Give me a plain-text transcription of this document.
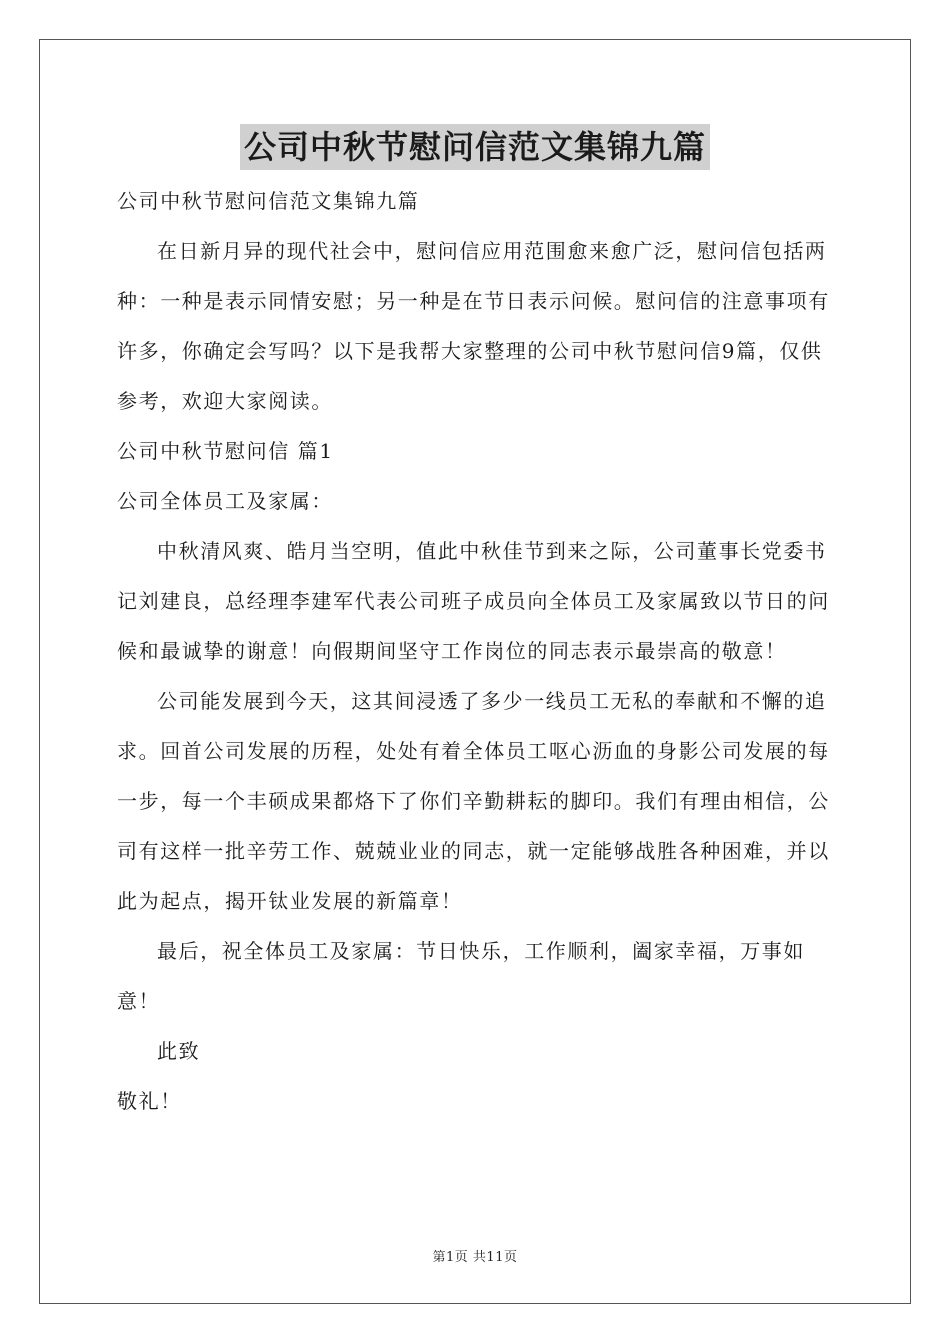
公司中秋节慰问信范文集锦九篇

公司中秋节慰问信范文集锦九篇

在日新月异的现代社会中，慰问信应用范围愈来愈广泛，慰问信包括两种：一种是表示同情安慰；另一种是在节日表示问候。慰问信的注意事项有许多，你确定会写吗？以下是我帮大家整理的公司中秋节慰问信9篇，仅供参考，欢迎大家阅读。

公司中秋节慰问信 篇1

公司全体员工及家属：

中秋清风爽、皓月当空明，值此中秋佳节到来之际，公司董事长党委书记刘建良，总经理李建军代表公司班子成员向全体员工及家属致以节日的问候和最诚挚的谢意！向假期间坚守工作岗位的同志表示最崇高的敬意！

公司能发展到今天，这其间浸透了多少一线员工无私的奉献和不懈的追求。回首公司发展的历程，处处有着全体员工呕心沥血的身影公司发展的每一步，每一个丰硕成果都烙下了你们辛勤耕耘的脚印。我们有理由相信，公司有这样一批辛劳工作、兢兢业业的同志，就一定能够战胜各种困难，并以此为起点，揭开钛业发展的新篇章！

最后，祝全体员工及家属：节日快乐，工作顺利，阖家幸福，万事如意！

此致

敬礼！

第1页 共11页
